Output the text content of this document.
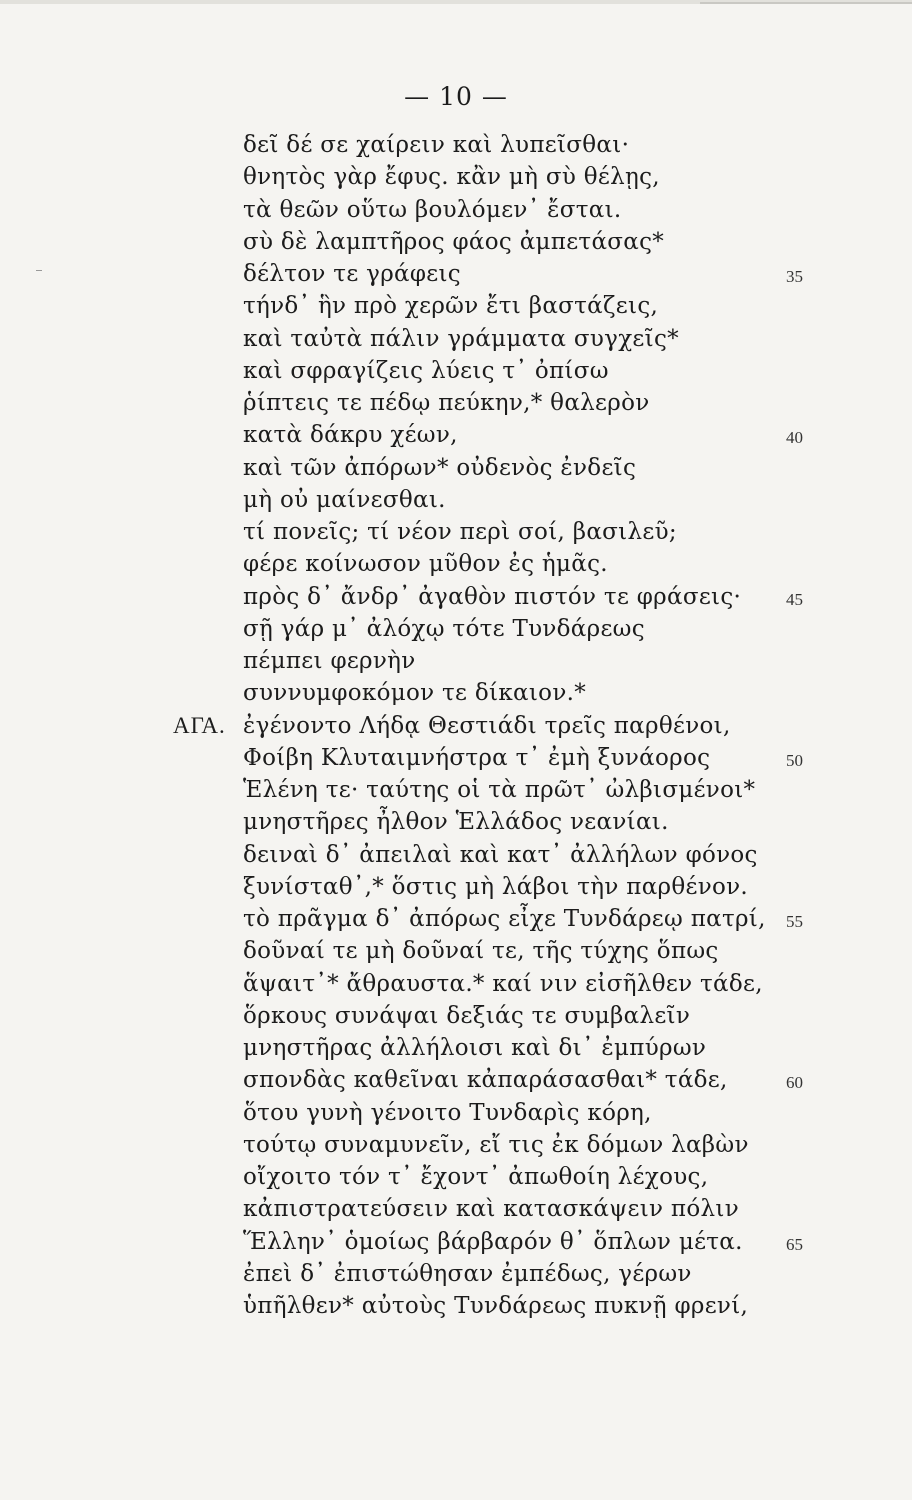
— 10 —
δεῖ δέ σε χαίρειν καὶ λυπεῖσθαι·
θνητὸς γὰρ ἔφυς. κἂν μὴ σὺ θέλῃς,
τὰ θεῶν οὕτω βουλόμεν᾽ ἔσται.
σὺ δὲ λαμπτῆρος φάος ἀμπετάσας*
δέλτον τε γράφεις	35
τήνδ᾽ ἣν πρὸ χερῶν ἔτι βαστάζεις,
καὶ ταὐτὰ πάλιν γράμματα συγχεῖς*
καὶ σφραγίζεις λύεις τ᾽ ὀπίσω
ῥίπτεις τε πέδῳ πεύκην,* θαλερὸν
κατὰ δάκρυ χέων,	40
καὶ τῶν ἀπόρων* οὐδενὸς ἐνδεῖς
μὴ οὐ μαίνεσθαι.
τί πονεῖς; τί νέον περὶ σοί, βασιλεῦ;
φέρε κοίνωσον μῦθον ἐς ἡμᾶς.
πρὸς δ᾽ ἄνδρ᾽ ἀγαθὸν πιστόν τε φράσεις·	45
σῇ γάρ μ᾽ ἀλόχῳ τότε Τυνδάρεως
πέμπει φερνὴν
συννυμφοκόμον τε δίκαιον.*
ἐγένοντο Λήδᾳ Θεστιάδι τρεῖς παρθένοι,
ΑΓΑ.
Φοίβη Κλυταιμνήστρα τ᾽ ἐμὴ ξυνάορος	50
Ἑλένη τε· ταύτης οἱ τὰ πρῶτ᾽ ὠλβισμένοι*
μνηστῆρες ἦλθον Ἑλλάδος νεανίαι.
δειναὶ δ᾽ ἀπειλαὶ καὶ κατ᾽ ἀλλήλων φόνος
ξυνίσταθ᾽,* ὅστις μὴ λάβοι τὴν παρθένον.
τὸ πρᾶγμα δ᾽ ἀπόρως εἶχε Τυνδάρεῳ πατρί, 55
δοῦναί τε μὴ δοῦναί τε, τῆς τύχης ὅπως
ἅψαιτ᾽* ἄθραυστα.* καί νιν εἰσῆλθεν τάδε,
ὅρκους συνάψαι δεξιάς τε συμβαλεῖν
μνηστῆρας ἀλλήλοισι καὶ δι᾽ ἐμπύρων
σπονδὰς καθεῖναι κἀπαράσασθαι* τάδε,	60
ὅτου γυνὴ γένοιτο Τυνδαρὶς κόρη,
τούτῳ συναμυνεῖν, εἴ τις ἐκ δόμων λαβὼν
οἴχοιτο τόν τ᾽ ἔχοντ᾽ ἀπωθοίη λέχους,
κἀπιστρατεύσειν καὶ κατασκάψειν πόλιν
Ἕλλην᾽ ὁμοίως βάρβαρόν θ᾽ ὅπλων μέτα.	65
ἐπεὶ δ᾽ ἐπιστώθησαν ἐμπέδως, γέρων
ὑπῆλθεν* αὐτοὺς Τυνδάρεως πυκνῇ φρενί,
